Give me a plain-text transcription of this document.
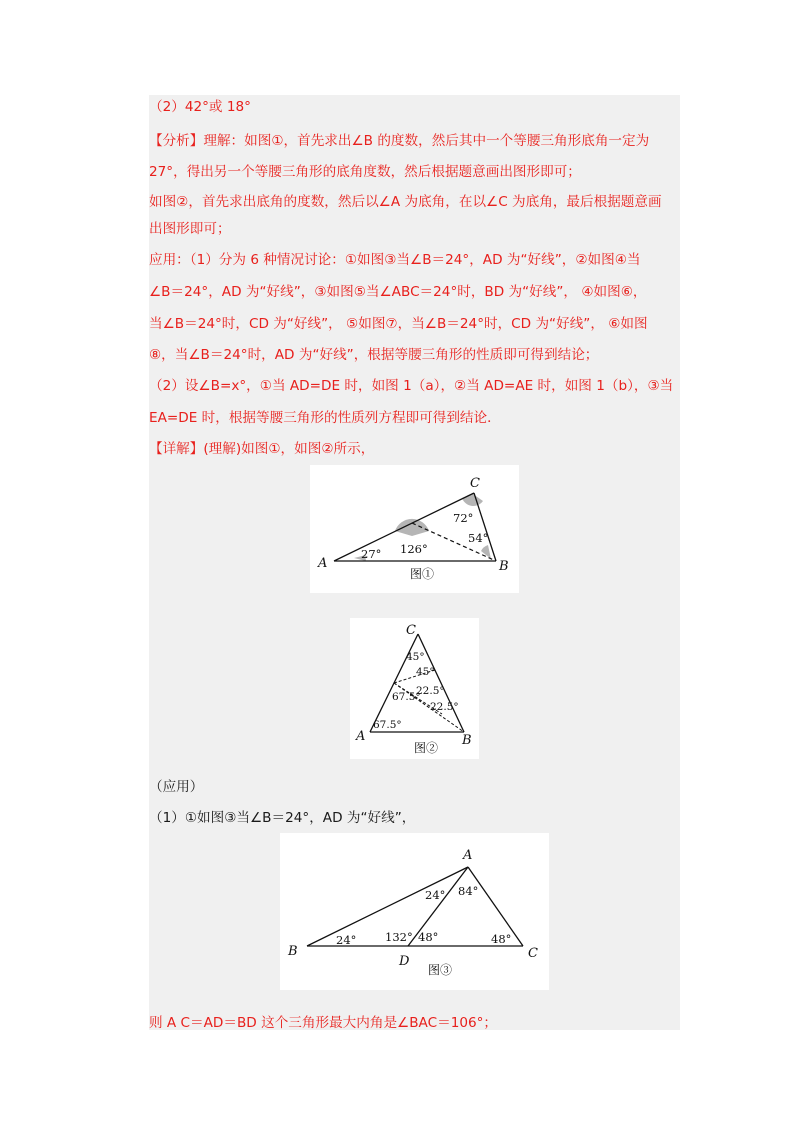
（2）42°或 18°
【分析】理解：如图①，首先求出∠B 的度数，然后其中一个等腰三角形底角一定为
27°，得出另一个等腰三角形的底角度数，然后根据题意画出图形即可；
如图②，首先求出底角的度数，然后以∠A 为底角，在以∠C 为底角，最后根据题意画
出图形即可；
应用：（1）分为 6 种情况讨论：①如图③当∠B＝24°，AD 为“好线”，②如图④当
∠B＝24°，AD 为“好线”，③如图⑤当∠ABC＝24°时，BD 为“好线”， ④如图⑥，
当∠B＝24°时，CD 为“好线”， ⑤如图⑦，当∠B＝24°时，CD 为“好线”， ⑥如图
⑧，当∠B＝24°时，AD 为“好线”，根据等腰三角形的性质即可得到结论；
（2）设∠B=x°，①当 AD=DE 时，如图 1（a），②当 AD=AE 时，如图 1（b），③当
EA=DE 时，根据等腰三角形的性质列方程即可得到结论．
【详解】(理解)如图①，如图②所示，
（应用）
（1）①如图③当∠B＝24°，AD 为“好线”，
则 A C＝AD＝BD 这个三角形最大内角是∠BAC＝106°；
A	B
C
27° 126°
72°
54°
图①
A	B
C
45°
45°
67.5°
22.5°
22.5°
67.5°
图②
B	C
A
D
24°
24° 84°
132° 48°	48°
图③
